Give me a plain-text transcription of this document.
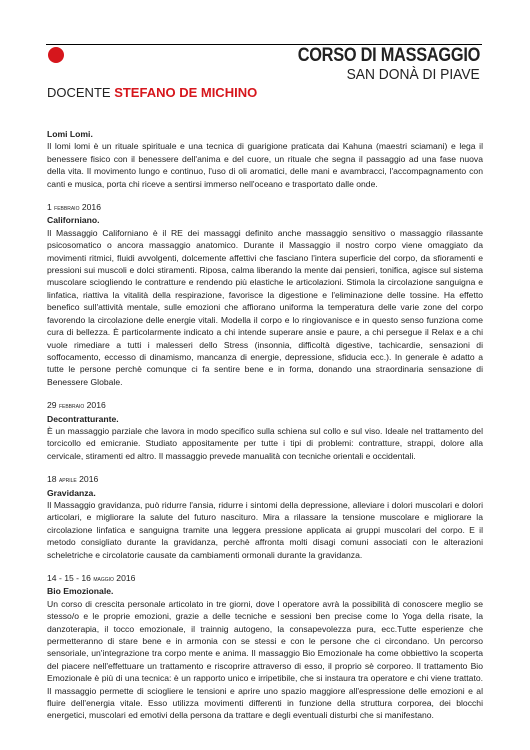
CORSO DI MASSAGGIO
SAN DONÀ DI PIAVE
DOCENTE STEFANO DE MICHINO

Lomi Lomi.

Il lomi lomi è un rituale spirituale e una tecnica di guarigione praticata dai Kahuna (maestri sciamani) e lega il benessere fisico con il benessere dell'anima e del cuore, un rituale che segna il passaggio ad una fase nuova della vita. Il movimento lungo e continuo, l'uso di oli aromatici, delle mani e avambracci, l'accompagnamento con canti e musica, porta chi riceve a sentirsi immerso nell'oceano e trasportato dalle onde.

1 febbraio 2016

Californiano.

Il Massaggio Californiano è il RE dei massaggi definito anche massaggio sensitivo o massaggio rilassante psicosomatico o ancora massaggio anatomico. Durante il Massaggio il nostro corpo viene omaggiato da movimenti ritmici, fluidi avvolgenti, dolcemente affettivi che fasciano l'intera superficie del corpo, da sfioramenti e pressioni sui muscoli e dolci stiramenti. Riposa, calma liberando la mente dai pensieri, tonifica, agisce sul sistema muscolare sciogliendo le contratture e rendendo più elastiche le articolazioni. Stimola la circolazione sanguigna e linfatica, riattiva la vitalità della respirazione, favorisce la digestione e l'eliminazione delle tossine. Ha effetto benefico sull'attività mentale, sulle emozioni che affiorano uniforma la temperatura delle varie zone del corpo favorendo la circolazione delle energie vitali. Modella il corpo e lo ringiovanisce e in questo senso funziona come cura di bellezza. È particolarmente indicato a chi intende superare ansie e paure, a chi persegue il Relax e a chi vuole rimediare a tutti i malesseri dello Stress (insonnia, difficoltà digestive, tachicardie, sensazioni di soffocamento, eccesso di dinamismo, mancanza di energie, depressione, sfiducia ecc.). In generale è adatto a tutte le persone perchè comunque ci fa sentire bene e in forma, donando una straordinaria sensazione di Benessere Globale.

29 febbraio 2016

Decontratturante.

È un massaggio parziale che lavora in modo specifico sulla schiena sul collo e sul viso. Ideale nel trattamento del torcicollo ed emicranie. Studiato appositamente per tutte i tipi di problemi: contratture, strappi, dolore alla cervicale, stiramenti ed altro. Il massaggio prevede manualità con tecniche orientali e occidentali.

18 aprile 2016

Gravidanza.

Il Massaggio gravidanza, può ridurre l'ansia, ridurre i sintomi della depressione, alleviare i dolori muscolari e dolori articolari, e migliorare la salute del futuro nascituro. Mira a rilassare la tensione muscolare e migliorare la circolazione linfatica e sanguigna tramite una leggera pressione applicata ai gruppi muscolari del corpo. E il metodo consigliato durante la gravidanza, perchè affronta molti disagi comuni associati con le alterazioni scheletriche e circolatorie causate da cambiamenti ormonali durante la gravidanza.

14 - 15 - 16 maggio 2016

Bio Emozionale.

Un corso di crescita personale articolato in tre giorni, dove l operatore avrà la possibilità di conoscere meglio se stesso/o e le proprie emozioni, grazie a delle tecniche e sessioni ben precise come lo Yoga della risate, la danzoterapia, il tocco emozionale, il trainnig autogeno, la consapevolezza pura, ecc.Tutte esperienze che permetteranno di stare bene e in armonia con se stessi e con le persone che ci circondano. Un percorso sensoriale, un'integrazione tra corpo mente e anima. Il massaggio Bio Emozionale ha come obbiettivo la scoperta del piacere nell'effettuare un trattamento e riscoprire attraverso di esso, il proprio sè corporeo. Il trattamento Bio Emozionale è più di una tecnica: è un rapporto unico e irripetibile, che si instaura tra operatore e chi viene trattato. Il massaggio permette di sciogliere le tensioni e aprire uno spazio maggiore all'espressione delle emozioni e al fluire dell'energia vitale. Esso utilizza movimenti differenti in funzione della struttura corporea, dei blocchi energetici, muscolari ed emotivi della persona da trattare e degli eventuali disturbi che si manifestano.
